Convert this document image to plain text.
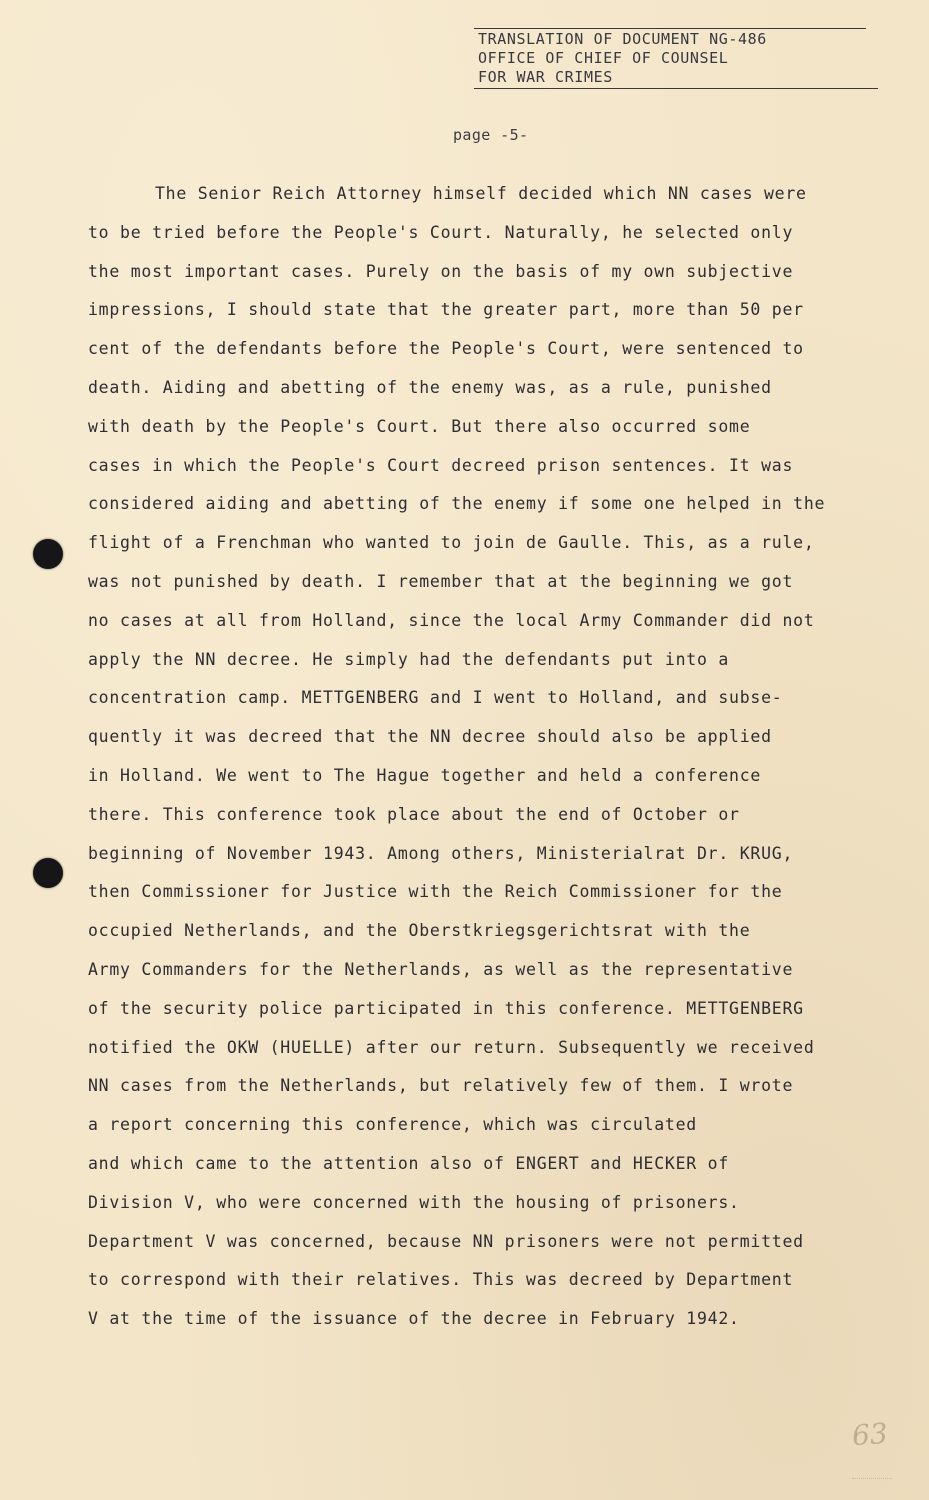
TRANSLATION OF DOCUMENT NG-486
OFFICE OF CHIEF OF COUNSEL
FOR WAR CRIMES
page -5-
The Senior Reich Attorney himself decided which NN cases were
to be tried before the People's Court. Naturally, he selected only
the most important cases. Purely on the basis of my own subjective
impressions, I should state that the greater part, more than 50 per
cent of the defendants before the People's Court, were sentenced to
death. Aiding and abetting of the enemy was, as a rule, punished
with death by the People's Court. But there also occurred some
cases in which the People's Court decreed prison sentences. It was
considered aiding and abetting of the enemy if some one helped in the
flight of a Frenchman who wanted to join de Gaulle. This, as a rule,
was not punished by death. I remember that at the beginning we got
no cases at all from Holland, since the local Army Commander did not
apply the NN decree. He simply had the defendants put into a
concentration camp. METTGENBERG and I went to Holland, and subse-
quently it was decreed that the NN decree should also be applied
in Holland. We went to The Hague together and held a conference
there. This conference took place about the end of October or
beginning of November 1943. Among others, Ministerialrat Dr. KRUG,
then Commissioner for Justice with the Reich Commissioner for the
occupied Netherlands, and the Oberstkriegsgerichtsrat with the
Army Commanders for the Netherlands, as well as the representative
of the security police participated in this conference. METTGENBERG
notified the OKW (HUELLE) after our return. Subsequently we received
NN cases from the Netherlands, but relatively few of them. I wrote
a report concerning this conference, which was circulated
and which came to the attention also of ENGERT and HECKER of
Division V, who were concerned with the housing of prisoners.
Department V was concerned, because NN prisoners were not permitted
to correspond with their relatives. This was decreed by Department
V at the time of the issuance of the decree in February 1942.
63
